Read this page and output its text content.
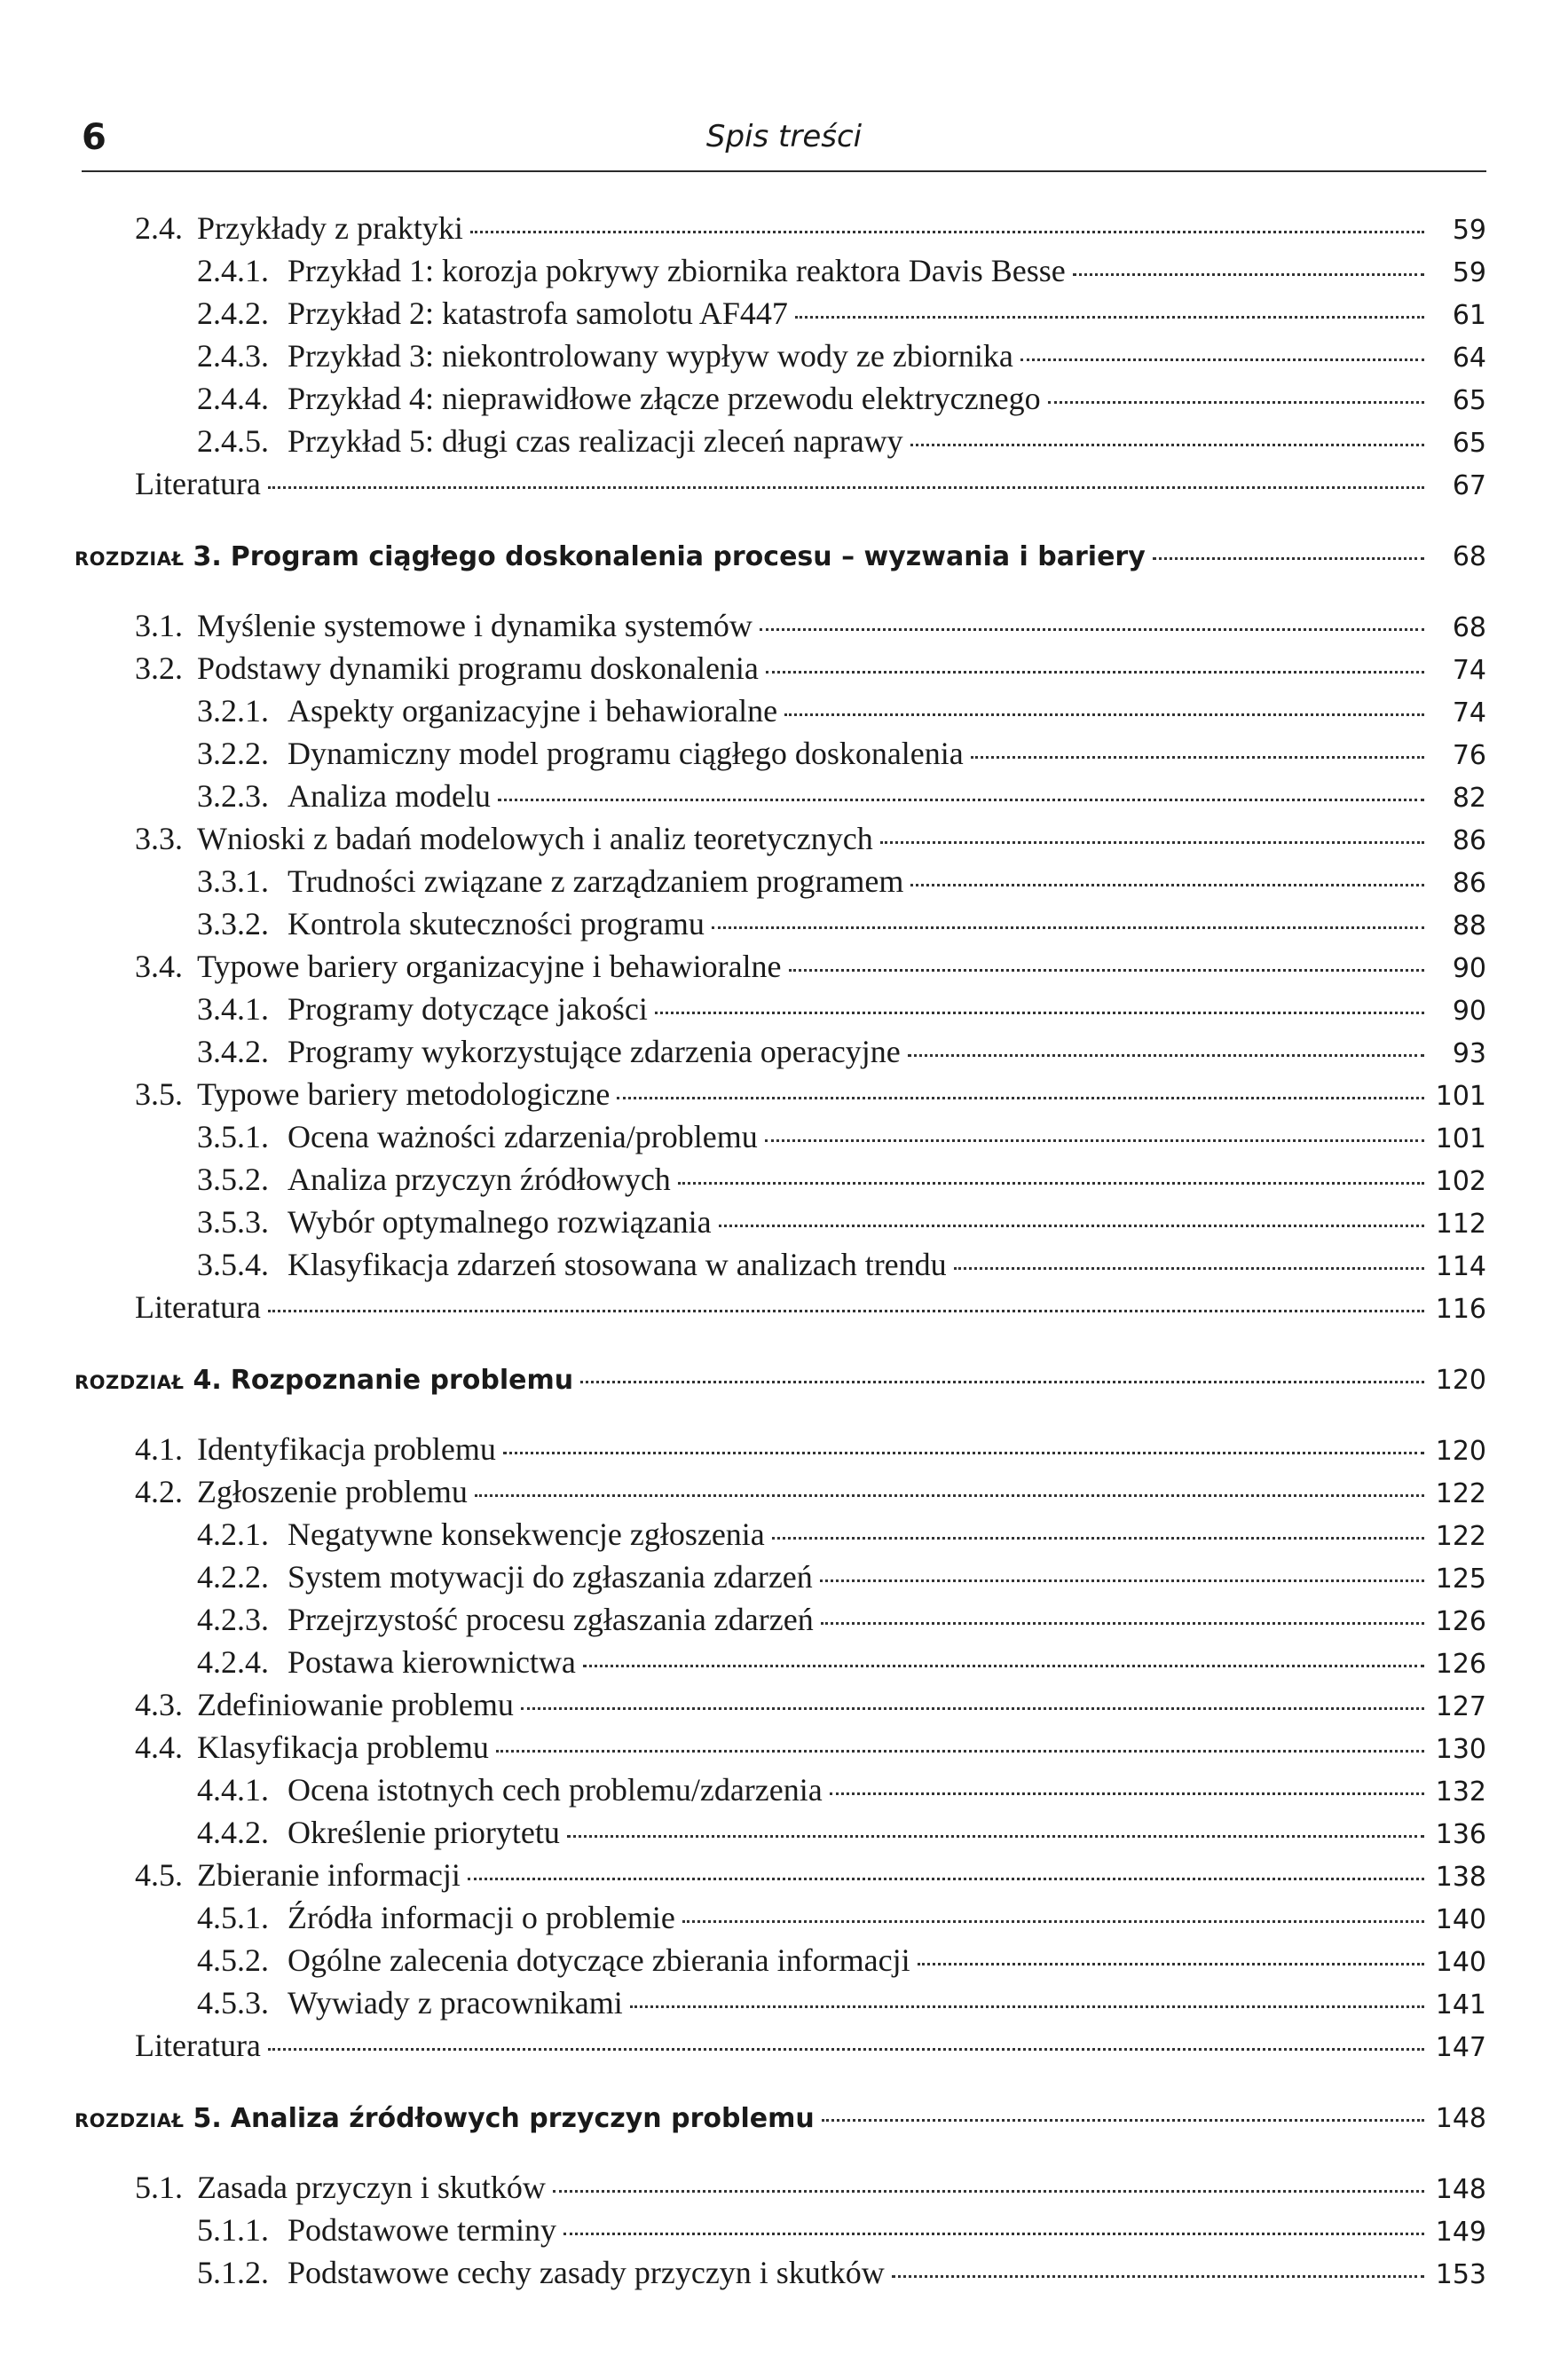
6	Spis treści
2.4. Przykłady z praktyki	59
2.4.1. Przykład 1: korozja pokrywy zbiornika reaktora Davis Besse	59
2.4.2. Przykład 2: katastrofa samolotu AF447	61
2.4.3. Przykład 3: niekontrolowany wypływ wody ze zbiornika	64
2.4.4. Przykład 4: nieprawidłowe złącze przewodu elektrycznego	65
2.4.5. Przykład 5: długi czas realizacji zleceń naprawy	65
Literatura	67
ROZDZIAŁ 3. Program ciągłego doskonalenia procesu – wyzwania i bariery	68
3.1. Myślenie systemowe i dynamika systemów	68
3.2. Podstawy dynamiki programu doskonalenia	74
3.2.1. Aspekty organizacyjne i behawioralne	74
3.2.2. Dynamiczny model programu ciągłego doskonalenia	76
3.2.3. Analiza modelu	82
3.3. Wnioski z badań modelowych i analiz teoretycznych	86
3.3.1. Trudności związane z zarządzaniem programem	86
3.3.2. Kontrola skuteczności programu	88
3.4. Typowe bariery organizacyjne i behawioralne	90
3.4.1. Programy dotyczące jakości	90
3.4.2. Programy wykorzystujące zdarzenia operacyjne	93
3.5. Typowe bariery metodologiczne	101
3.5.1. Ocena ważności zdarzenia/problemu	101
3.5.2. Analiza przyczyn źródłowych	102
3.5.3. Wybór optymalnego rozwiązania	112
3.5.4. Klasyfikacja zdarzeń stosowana w analizach trendu	114
Literatura	116
ROZDZIAŁ 4. Rozpoznanie problemu	120
4.1. Identyfikacja problemu	120
4.2. Zgłoszenie problemu	122
4.2.1. Negatywne konsekwencje zgłoszenia	122
4.2.2. System motywacji do zgłaszania zdarzeń	125
4.2.3. Przejrzystość procesu zgłaszania zdarzeń	126
4.2.4. Postawa kierownictwa	126
4.3. Zdefiniowanie problemu	127
4.4. Klasyfikacja problemu	130
4.4.1. Ocena istotnych cech problemu/zdarzenia	132
4.4.2. Określenie priorytetu	136
4.5. Zbieranie informacji	138
4.5.1. Źródła informacji o problemie	140
4.5.2. Ogólne zalecenia dotyczące zbierania informacji	140
4.5.3. Wywiady z pracownikami	141
Literatura	147
ROZDZIAŁ 5. Analiza źródłowych przyczyn problemu	148
5.1. Zasada przyczyn i skutków	148
5.1.1. Podstawowe terminy	149
5.1.2. Podstawowe cechy zasady przyczyn i skutków	153
